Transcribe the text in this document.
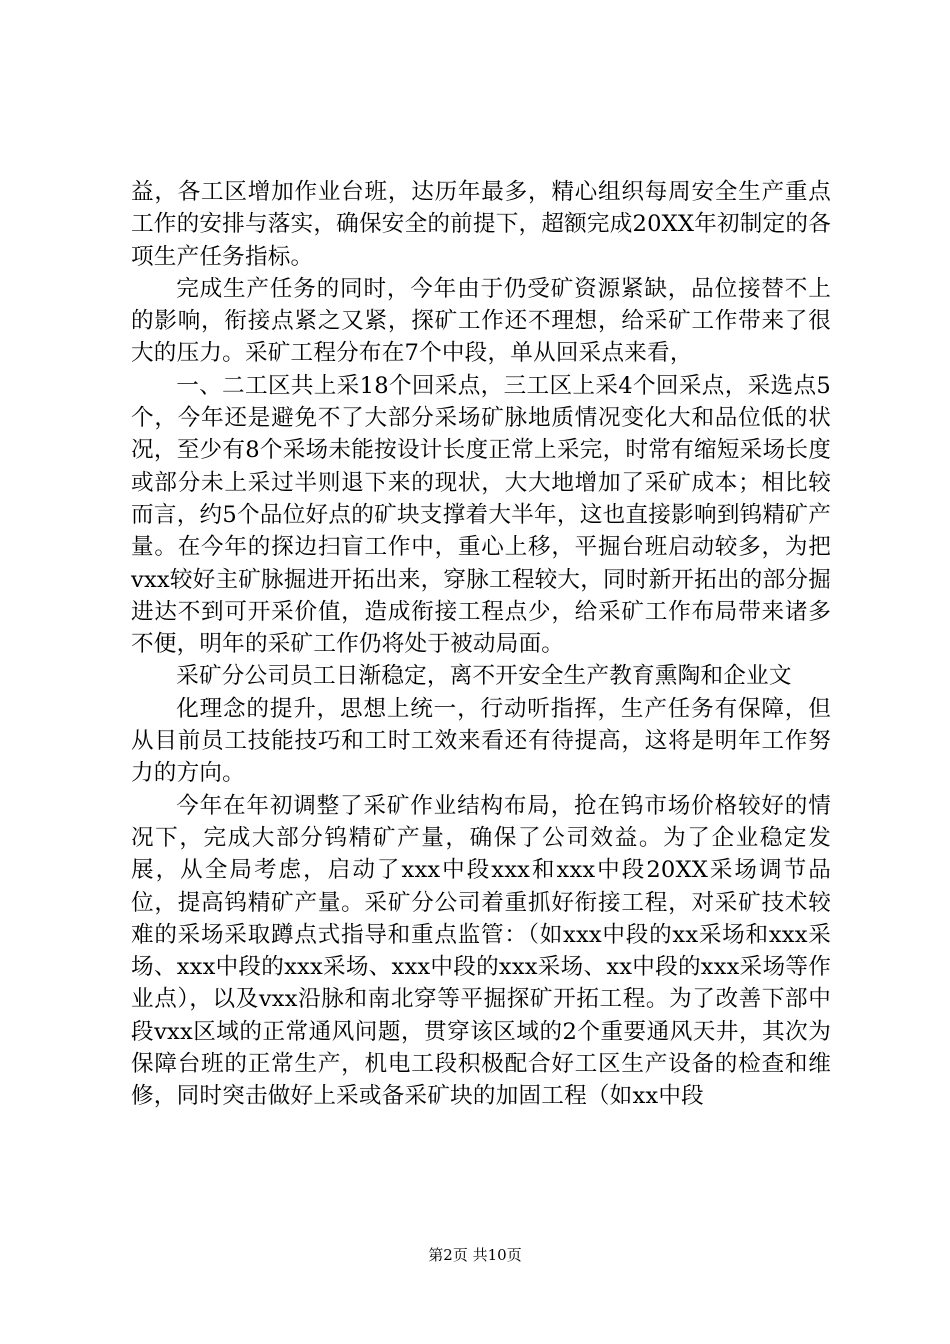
益，各工区增加作业台班，达历年最多，精心组织每周安全生产重点工作的安排与落实，确保安全的前提下，超额完成20XX年初制定的各项生产任务指标。

完成生产任务的同时，今年由于仍受矿资源紧缺，品位接替不上的影响，衔接点紧之又紧，探矿工作还不理想，给采矿工作带来了很大的压力。采矿工程分布在7个中段，单从回采点来看，

一、二工区共上采18个回采点，三工区上采4个回采点，采选点5个，今年还是避免不了大部分采场矿脉地质情况变化大和品位低的状况，至少有8个采场未能按设计长度正常上采完，时常有缩短采场长度或部分未上采过半则退下来的现状，大大地增加了采矿成本；相比较而言，约5个品位好点的矿块支撑着大半年，这也直接影响到钨精矿产量。在今年的探边扫盲工作中，重心上移，平掘台班启动较多，为把vxx较好主矿脉掘进开拓出来，穿脉工程较大，同时新开拓出的部分掘进达不到可开采价值，造成衔接工程点少，给采矿工作布局带来诸多不便，明年的采矿工作仍将处于被动局面。

采矿分公司员工日渐稳定，离不开安全生产教育熏陶和企业文

化理念的提升，思想上统一，行动听指挥，生产任务有保障，但从目前员工技能技巧和工时工效来看还有待提高，这将是明年工作努力的方向。

今年在年初调整了采矿作业结构布局，抢在钨市场价格较好的情况下，完成大部分钨精矿产量，确保了公司效益。为了企业稳定发展，从全局考虑，启动了xxx中段xxx和xxx中段20XX采场调节品位，提高钨精矿产量。采矿分公司着重抓好衔接工程，对采矿技术较难的采场采取蹲点式指导和重点监管：（如xxx中段的xx采场和xxx采场、xxx中段的xxx采场、xxx中段的xxx采场、xx中段的xxx采场等作业点），以及vxx沿脉和南北穿等平掘探矿开拓工程。为了改善下部中段vxx区域的正常通风问题，贯穿该区域的2个重要通风天井，其次为保障台班的正常生产，机电工段积极配合好工区生产设备的检查和维修，同时突击做好上采或备采矿块的加固工程（如xx中段

第2页 共10页
